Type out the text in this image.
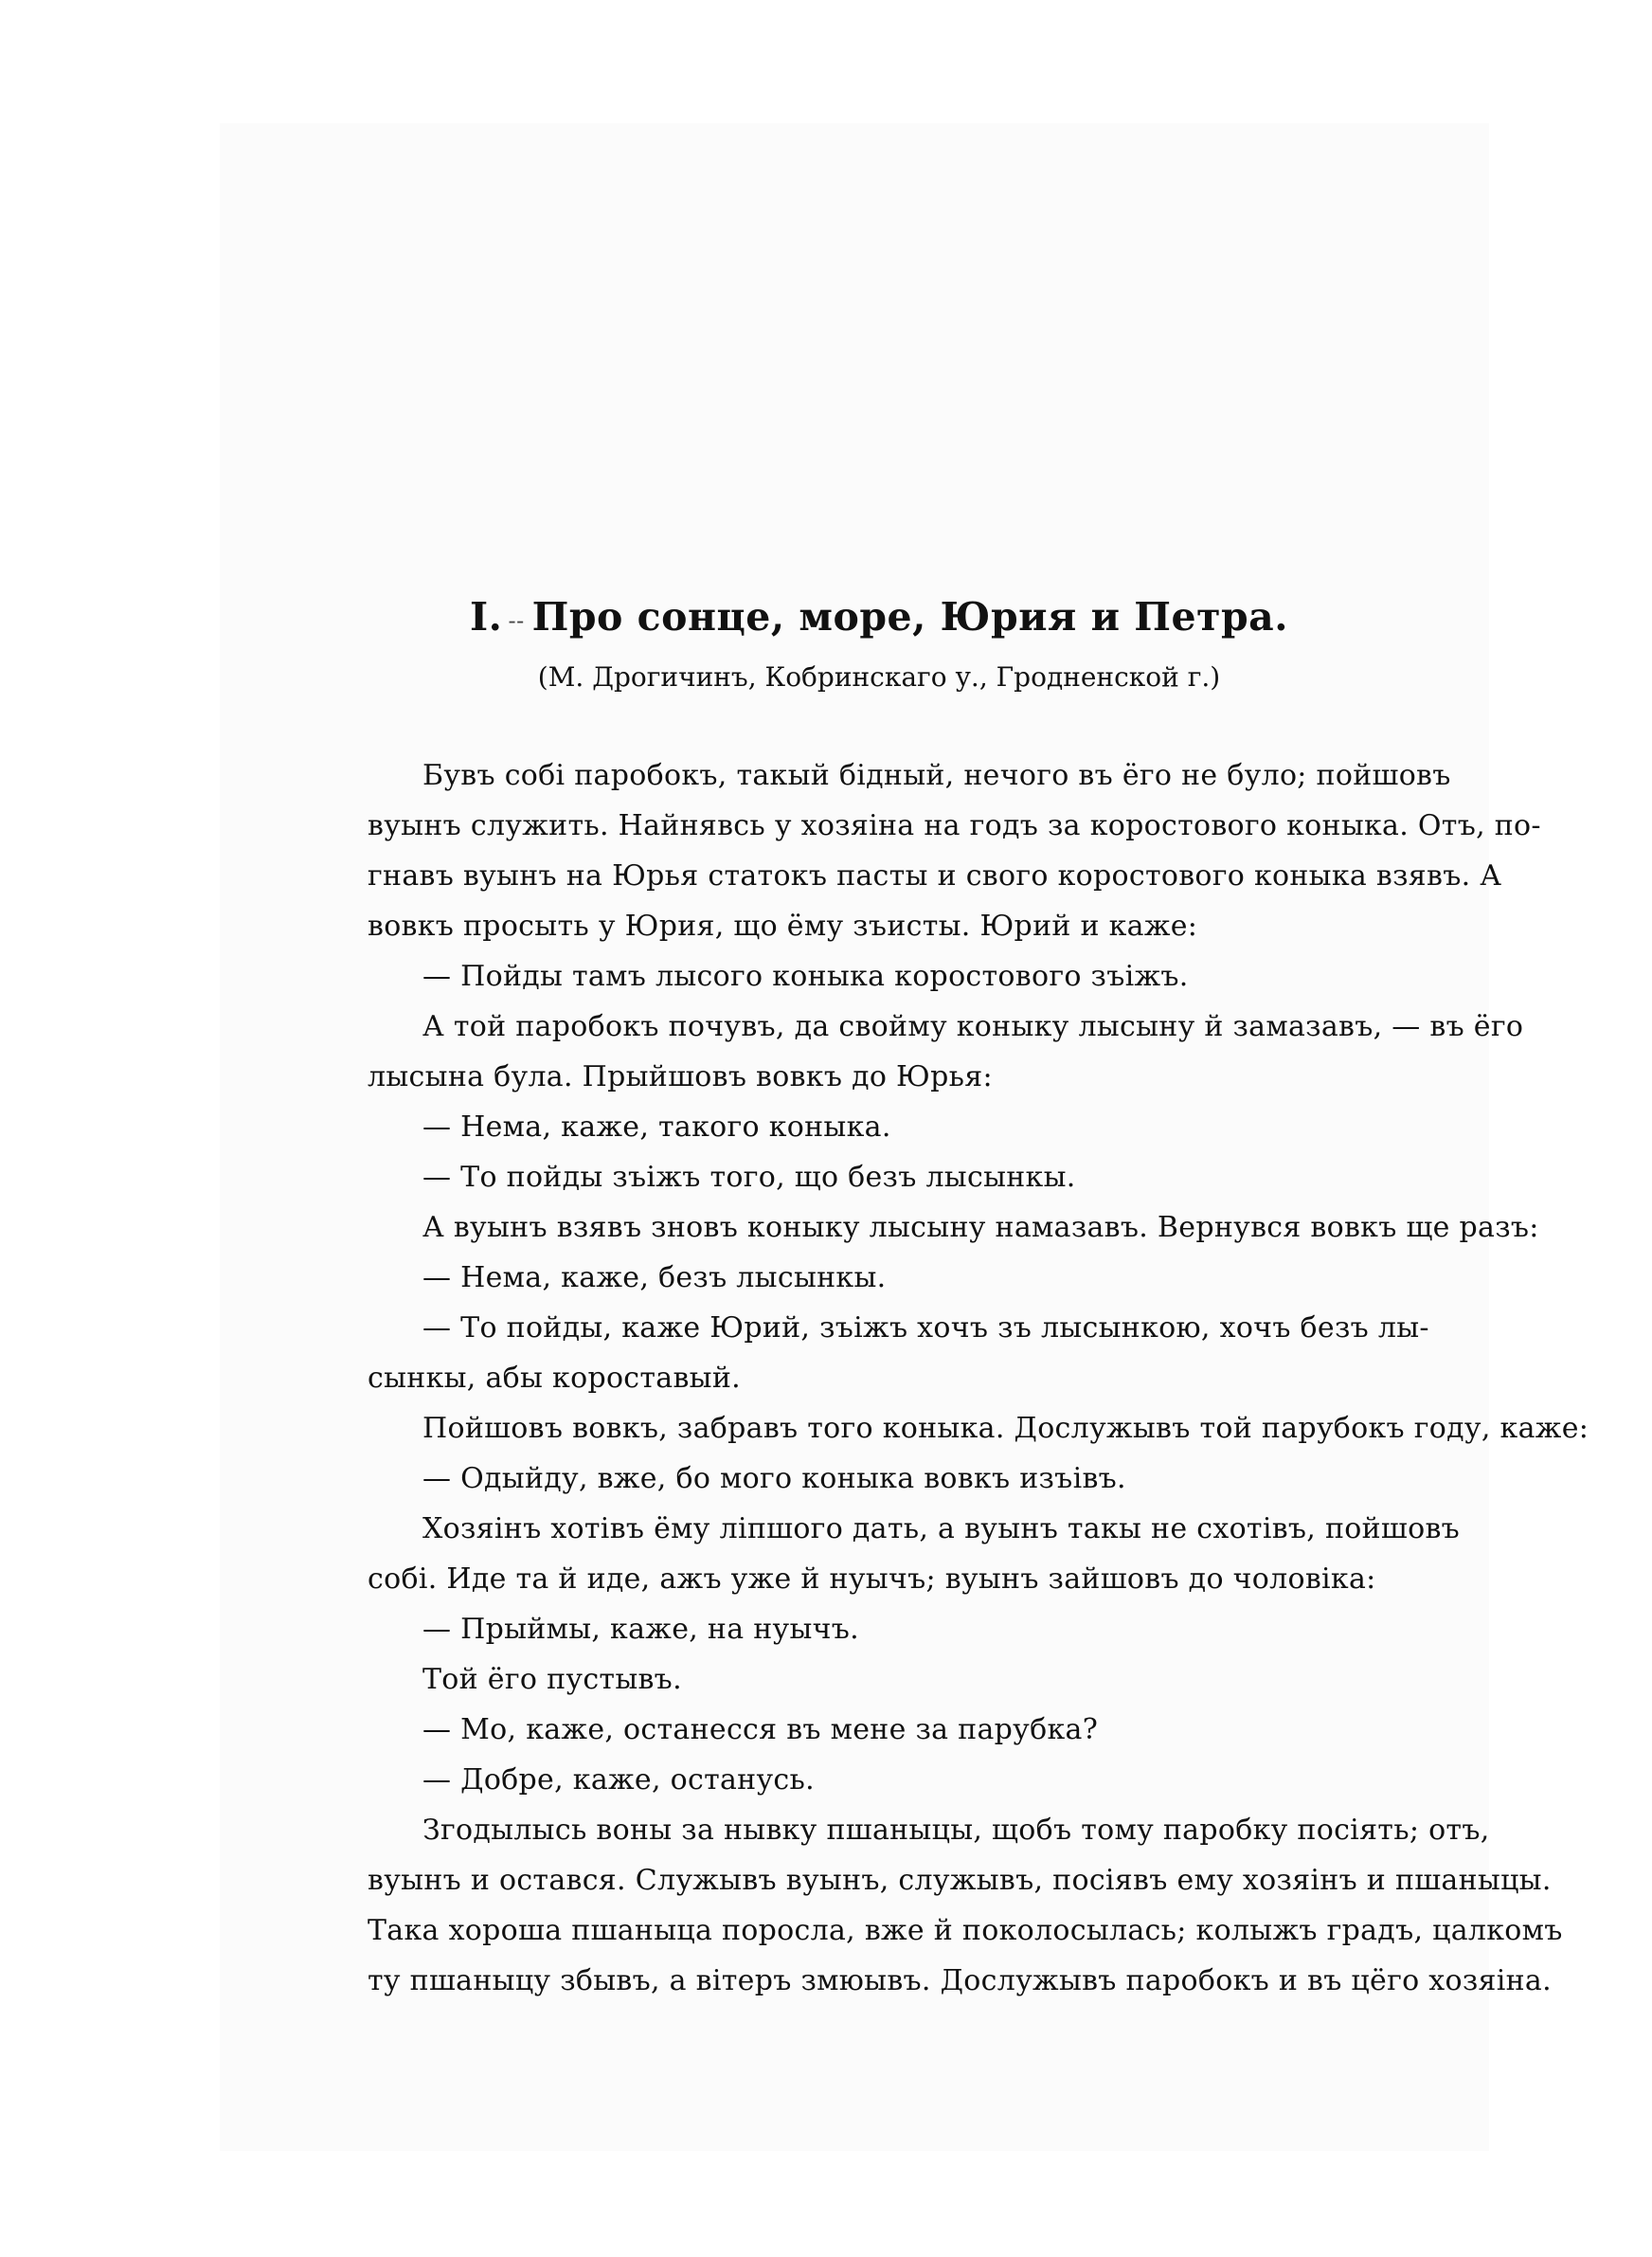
I. -- Про сонце, море, Юрия и Петра.

(М. Дрогичинъ, Кобринскаго у., Гродненской г.)

Бувъ собі паробокъ, такый бідный, нечого въ ёго не було; пойшовъ
вуынъ служить. Найнявсь у хозяіна на годъ за коростового коныка. Отъ, по-
гнавъ вуынъ на Юрья статокъ пасты и свого коростового коныка взявъ. А
вовкъ просыть у Юрия, що ёму зъисты. Юрий и каже:
— Пойды тамъ лысого коныка коростового зъіжъ.
А той паробокъ почувъ, да свойму коныку лысыну й замазавъ, — въ ёго
лысына була. Прыйшовъ вовкъ до Юрья:
— Нема, каже, такого коныка.
— То пойды зъіжъ того, що безъ лысынкы.
А вуынъ взявъ зновъ коныку лысыну намазавъ. Вернувся вовкъ ще разъ:
— Нема, каже, безъ лысынкы.
— То пойды, каже Юрий, зъіжъ хочъ зъ лысынкою, хочъ безъ лы-
сынкы, абы короставый.
Пойшовъ вовкъ, забравъ того коныка. Дослужывъ той парубокъ году, каже:
— Одыйду, вже, бо мого коныка вовкъ изъівъ.
Хозяінъ хотівъ ёму ліпшого дать, а вуынъ такы не схотівъ, пойшовъ
собі. Иде та й иде, ажъ уже й нуычъ; вуынъ зайшовъ до чоловіка:
— Прыймы, каже, на нуычъ.
Той ёго пустывъ.
— Мо, каже, останесся въ мене за парубка?
— Добре, каже, останусь.
Згодылысь воны за нывку пшаныцы, щобъ тому паробку посіять; отъ,
вуынъ и остався. Служывъ вуынъ, служывъ, посіявъ ему хозяінъ и пшаныцы.
Така хороша пшаныца поросла, вже й поколосылась; колыжъ градъ, цалкомъ
ту пшаныцу збывъ, а вітеръ змюывъ. Дослужывъ паробокъ и въ цёго хозяіна.
